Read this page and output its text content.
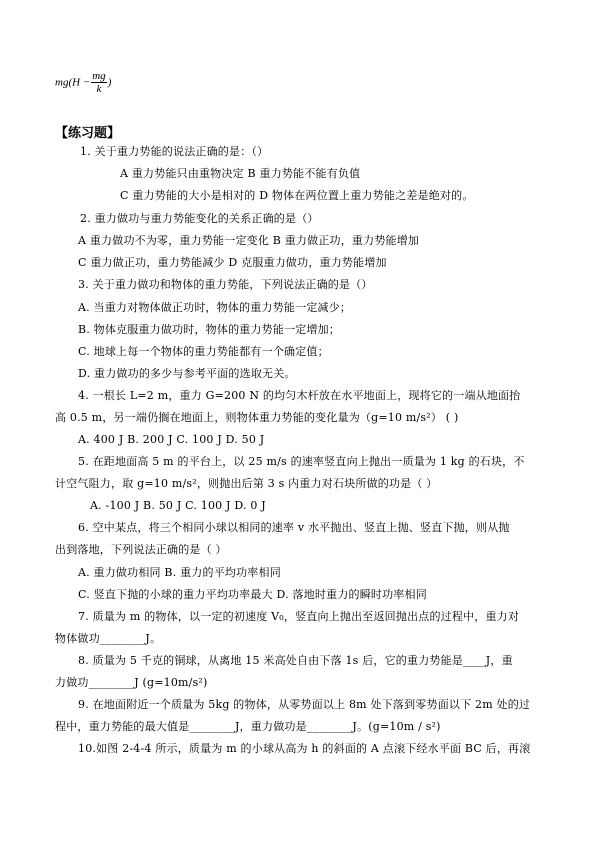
$mg(H - \frac{mg}{k}$ )
【练习题】
1. 关于重力势能的说法正确的是：（）
A 重力势能只由重物决定 B 重力势能不能有负值
C 重力势能的大小是相对的 D 物体在两位置上重力势能之差是绝对的。
2. 重力做功与重力势能变化的关系正确的是（）
A 重力做功不为零，重力势能一定变化 B 重力做正功，重力势能增加
C 重力做正功，重力势能减少 D 克服重力做功，重力势能增加
3. 关于重力做功和物体的重力势能，下列说法正确的是（）
A. 当重力对物体做正功时，物体的重力势能一定减少；
B. 物体克服重力做功时，物体的重力势能一定增加；
C. 地球上每一个物体的重力势能都有一个确定值；
D. 重力做功的多少与参考平面的选取无关。
4. 一根长 L=2 m，重力 G=200 N 的均匀木杆放在水平地面上，现将它的一端从地面抬
高 0.5 m，另一端仍搁在地面上，则物体重力势能的变化量为（g=10 m/s²） ( )
A. 400 J B. 200 J C. 100 J D. 50 J
5. 在距地面高 5 m 的平台上，以 25 m/s 的速率竖直向上抛出一质量为 1 kg 的石块，不
计空气阻力，取 g=10 m/s²，则抛出后第 3 s 内重力对石块所做的功是（ ）
A. -100 J B. 50 J C. 100 J D. 0 J
6. 空中某点，将三个相同小球以相同的速率 v 水平抛出、竖直上抛、竖直下抛，则从抛
出到落地，下列说法正确的是（ ）
A. 重力做功相同 B. 重力的平均功率相同
C. 竖直下抛的小球的重力平均功率最大 D. 落地时重力的瞬时功率相同
7. 质量为 m 的物体，以一定的初速度 V₀，竖直向上抛出至返回抛出点的过程中，重力对
物体做功________J。
8. 质量为 5 千克的铜球，从离地 15 米高处自由下落 1s 后，它的重力势能是____J，重
力做功________J (g=10m/s²)
9. 在地面附近一个质量为 5kg 的物体，从零势面以上 8m 处下落到零势面以下 2m 处的过
程中，重力势能的最大值是________J，重力做功是________J。(g=10m / s²)
10.如图 2-4-4 所示，质量为 m 的小球从高为 h 的斜面的 A 点滚下经水平面 BC 后，再滚
